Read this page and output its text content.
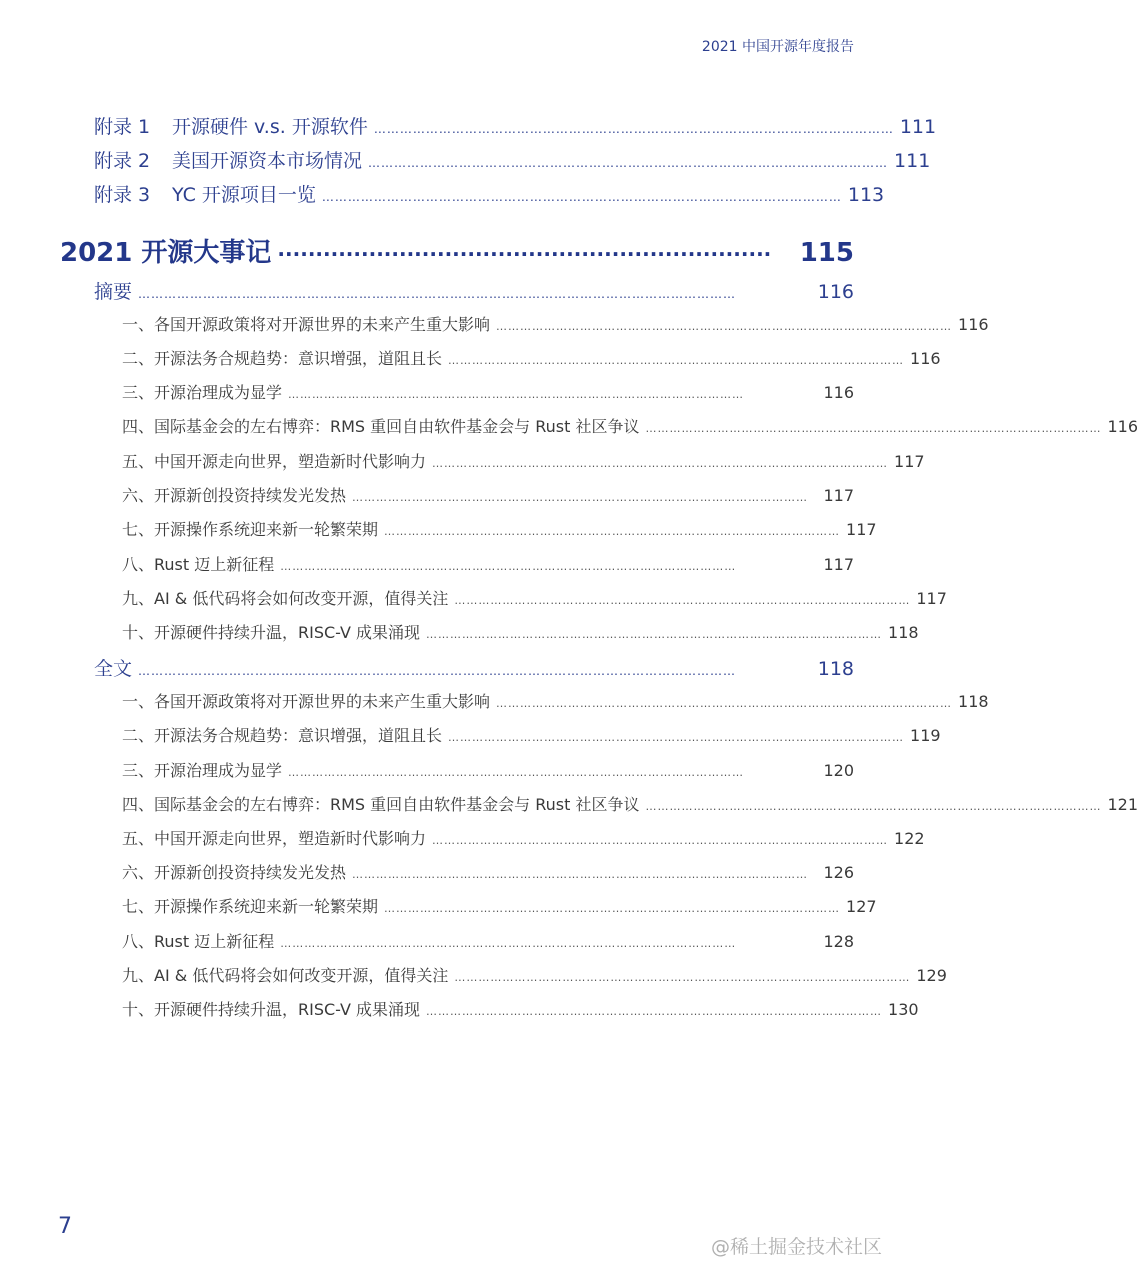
2021 中国开源年度报告
附录 1 开源硬件 v.s. 开源软件 ………………………………………………………………………………………………………… 111
附录 2 美国开源资本市场情况 ………………………………………………………………………………………………………… 111
附录 3 YC 开源项目一览 ………………………………………………………………………………………………………… 113
2021 开源大事记 ·································································	115
摘要 …………………………………………………………………………………………………………………………	116
一、各国开源政策将对开源世界的未来产生重大影响 …………………………………………………………………………………………………… 116
二、开源法务合规趋势：意识增强，道阻且长 …………………………………………………………………………………………………… 116
三、开源治理成为显学 ……………………………………………………………………………………………………	116
四、国际基金会的左右博弈：RMS 重回自由软件基金会与 Rust 社区争议 …………………………………………………………………………………………………… 116
五、中国开源走向世界，塑造新时代影响力 …………………………………………………………………………………………………… 117
六、开源新创投资持续发光发热 …………………………………………………………………………………………………… 117
七、开源操作系统迎来新一轮繁荣期 …………………………………………………………………………………………………… 117
八、Rust 迈上新征程 ……………………………………………………………………………………………………	117
九、AI & 低代码将会如何改变开源，值得关注 …………………………………………………………………………………………………… 117
十、开源硬件持续升温，RISC-V 成果涌现 …………………………………………………………………………………………………… 118
全文 …………………………………………………………………………………………………………………………	118
一、各国开源政策将对开源世界的未来产生重大影响 …………………………………………………………………………………………………… 118
二、开源法务合规趋势：意识增强，道阻且长 …………………………………………………………………………………………………… 119
三、开源治理成为显学 ……………………………………………………………………………………………………	120
四、国际基金会的左右博弈：RMS 重回自由软件基金会与 Rust 社区争议 …………………………………………………………………………………………………… 121
五、中国开源走向世界，塑造新时代影响力 …………………………………………………………………………………………………… 122
六、开源新创投资持续发光发热 …………………………………………………………………………………………………… 126
七、开源操作系统迎来新一轮繁荣期 …………………………………………………………………………………………………… 127
八、Rust 迈上新征程 ……………………………………………………………………………………………………	128
九、AI & 低代码将会如何改变开源，值得关注 …………………………………………………………………………………………………… 129
十、开源硬件持续升温，RISC-V 成果涌现 …………………………………………………………………………………………………… 130
7
@稀土掘金技术社区
